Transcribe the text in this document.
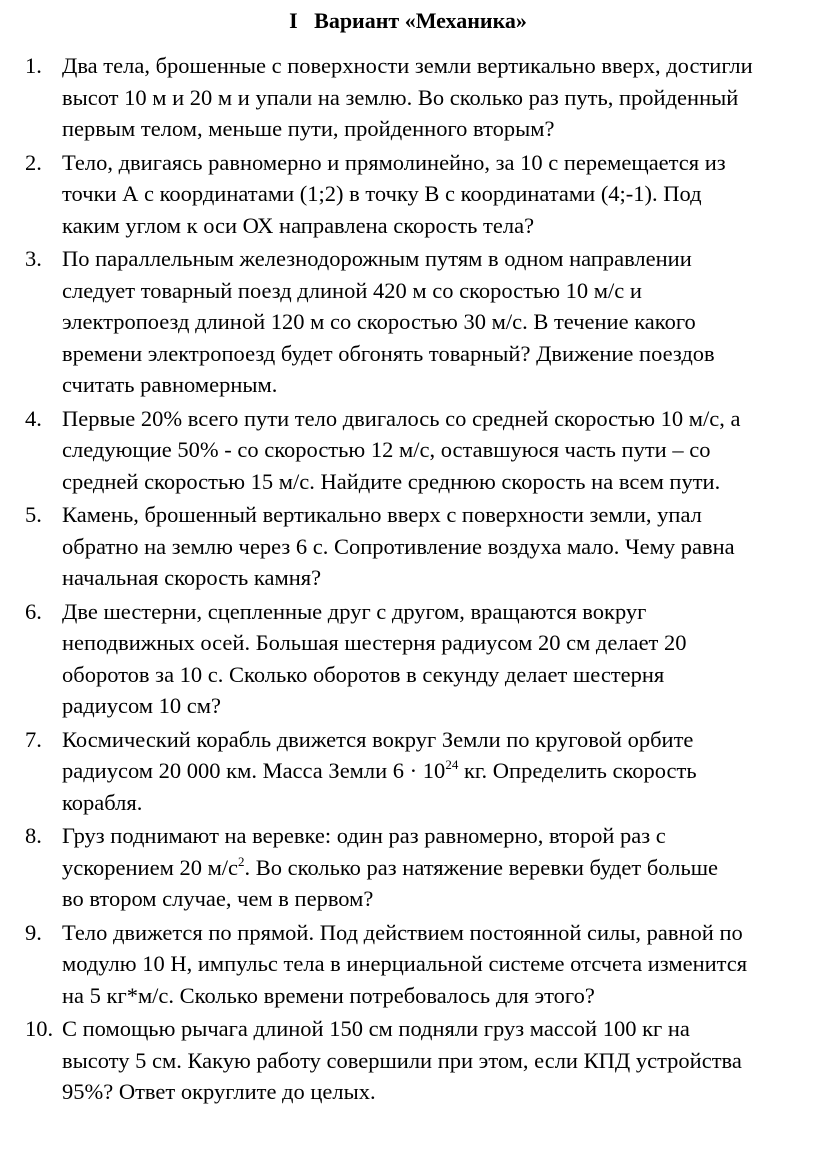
I   Вариант «Механика»
1. Два тела, брошенные с поверхности земли вертикально вверх, достигли
высот 10 м и 20 м и упали на землю. Во сколько раз путь, пройденный
первым телом, меньше пути, пройденного вторым?
2. Тело, двигаясь равномерно и прямолинейно, за 10 с перемещается из
точки А с координатами (1;2) в точку В с координатами (4;-1). Под
каким углом к оси ОХ направлена скорость тела?
3. По параллельным железнодорожным путям в одном направлении
следует товарный поезд длиной 420 м со скоростью 10 м/с и
электропоезд длиной 120 м со скоростью 30 м/с. В течение какого
времени электропоезд будет обгонять товарный? Движение поездов
считать равномерным.
4. Первые 20% всего пути тело двигалось со средней скоростью 10 м/с, а
следующие 50% - со скоростью 12 м/с, оставшуюся часть пути – со
средней скоростью 15 м/с. Найдите среднюю скорость на всем пути.
5. Камень, брошенный вертикально вверх с поверхности земли, упал
обратно на землю через 6 с. Сопротивление воздуха мало. Чему равна
начальная скорость камня?
6. Две шестерни, сцепленные друг с другом, вращаются вокруг
неподвижных осей. Большая шестерня радиусом 20 см делает 20
оборотов за 10 с. Сколько оборотов в секунду делает шестерня
радиусом 10 см?
7. Космический корабль движется вокруг Земли по круговой орбите
радиусом 20 000 км. Масса Земли $6 \cdot 10^{24}$ кг. Определить скорость
корабля.
8. Груз поднимают на веревке: один раз равномерно, второй раз с
ускорением 20 $м/с^2$. Во сколько раз натяжение веревки будет больше
во втором случае, чем в первом?
9. Тело движется по прямой. Под действием постоянной силы, равной по
модулю 10 Н, импульс тела в инерциальной системе отсчета изменится
на 5 кг*м/с. Сколько времени потребовалось для этого?
10. С помощью рычага длиной 150 см подняли груз массой 100 кг на
высоту 5 см. Какую работу совершили при этом, если КПД устройства
95%? Ответ округлите до целых.
